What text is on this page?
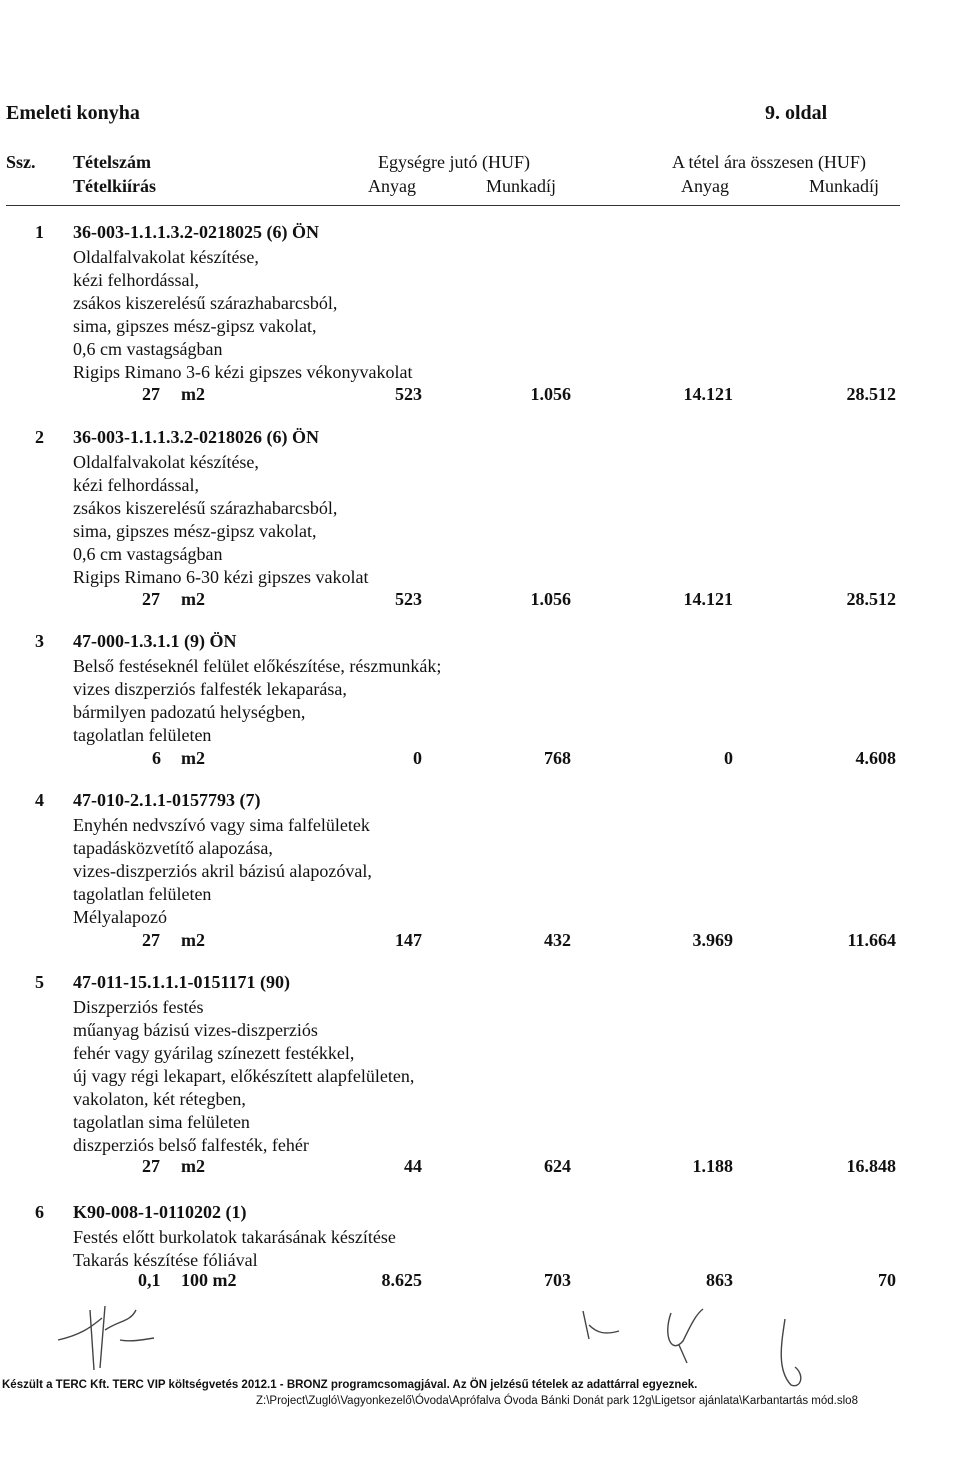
Emeleti konyha	9. oldal
Ssz. Tételszám
Tételkiírás
Egységre jutó (HUF)
Anyag	Munkadíj
A tétel ára összesen (HUF)
Anyag	Munkadíj
1 36-003-1.1.1.3.2-0218025 (6) ÖN
Oldalfalvakolat készítése,
kézi felhordással,
zsákos kiszerelésű szárazhabarcsból,
sima, gipszes mész-gipsz vakolat,
0,6 cm vastagságban
Rigips Rimano 3-6 kézi gipszes vékonyvakolat
27 m2	523	1.056	14.121	28.512
2 36-003-1.1.1.3.2-0218026 (6) ÖN
Oldalfalvakolat készítése,
kézi felhordással,
zsákos kiszerelésű szárazhabarcsból,
sima, gipszes mész-gipsz vakolat,
0,6 cm vastagságban
Rigips Rimano 6-30 kézi gipszes vakolat
27 m2	523	1.056	14.121	28.512
3 47-000-1.3.1.1 (9) ÖN
Belső festéseknél felület előkészítése, részmunkák;
vizes diszperziós falfesték lekaparása,
bármilyen padozatú helységben,
tagolatlan felületen
6 m2	0	768	0	4.608
4 47-010-2.1.1-0157793 (7)
Enyhén nedvszívó vagy sima falfelületek
tapadásközvetítő alapozása,
vizes-diszperziós akril bázisú alapozóval,
tagolatlan felületen
Mélyalapozó
27 m2	147	432	3.969	11.664
5 47-011-15.1.1.1-0151171 (90)
Diszperziós festés
műanyag bázisú vizes-diszperziós
fehér vagy gyárilag színezett festékkel,
új vagy régi lekapart, előkészített alapfelületen,
vakolaton, két rétegben,
tagolatlan sima felületen
diszperziós belső falfesték, fehér
27 m2	44	624	1.188	16.848
6 K90-008-1-0110202 (1)
Festés előtt burkolatok takarásának készítése
Takarás készítése fóliával
0,1 100 m2	8.625	703	863	70
Készült a TERC Kft. TERC VIP költségvetés 2012.1 - BRONZ programcsomagjával. Az ÖN jelzésű tételek az adattárral egyeznek.
Z:\Project\Zugló\Vagyonkezelő\Óvoda\Aprófalva Óvoda Bánki Donát park 12g\Ligetsor ajánlata\Karbantartás mód.slo8
